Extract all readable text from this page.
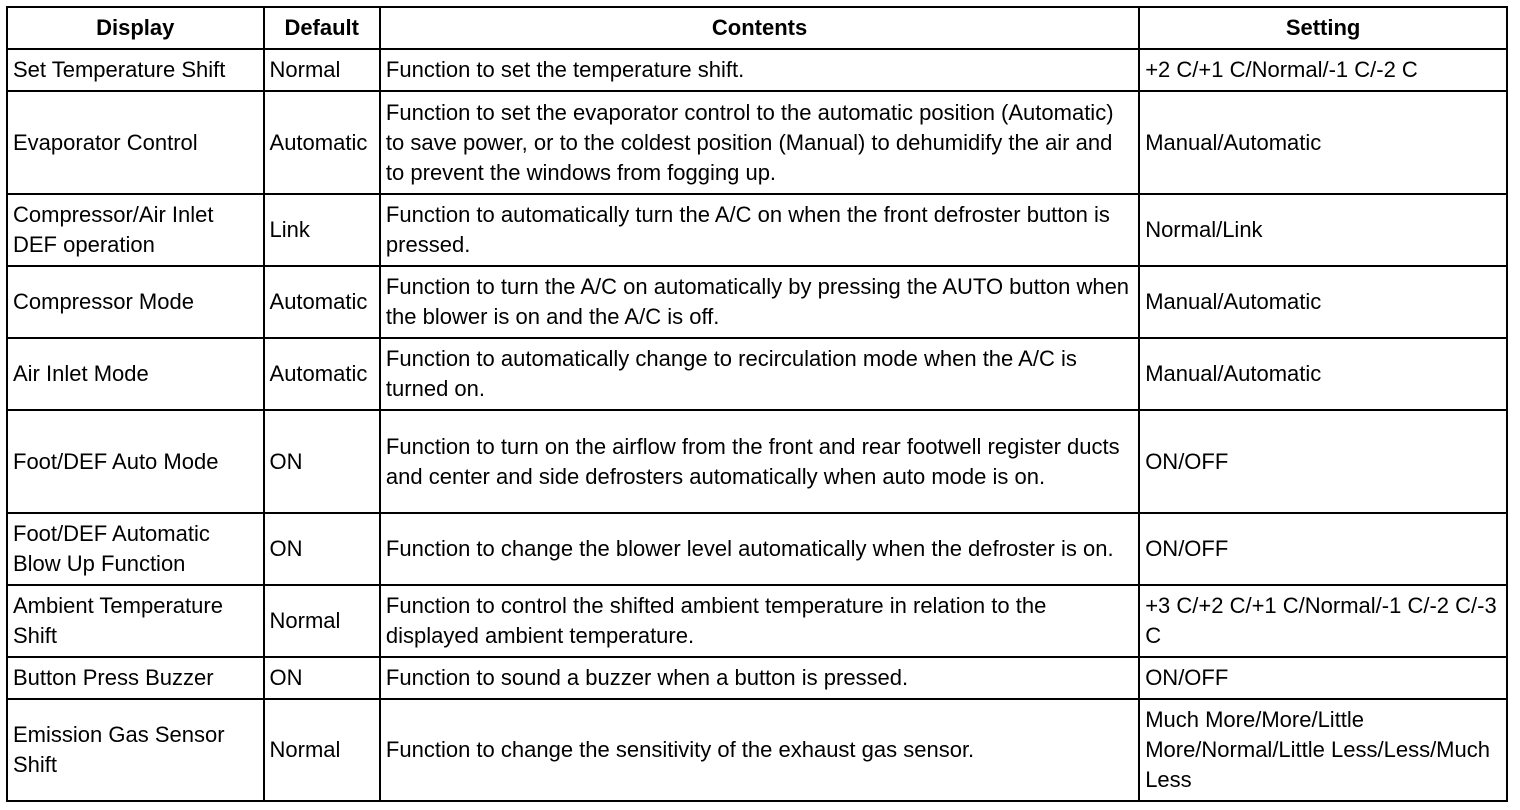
Display	Default	Contents	Setting
Set Temperature Shift	Normal	Function to set the temperature shift.	+2 C/+1 C/Normal/-1 C/-2 C
Evaporator Control	Automatic	Function to set the evaporator control to the automatic position (Automatic) to save power, or to the coldest position (Manual) to dehumidify the air and to prevent the windows from fogging up.	Manual/Automatic
Compressor/Air Inlet DEF operation	Link	Function to automatically turn the A/C on when the front defroster button is pressed.	Normal/Link
Compressor Mode	Automatic	Function to turn the A/C on automatically by pressing the AUTO button when the blower is on and the A/C is off.	Manual/Automatic
Air Inlet Mode	Automatic	Function to automatically change to recirculation mode when the A/C is turned on.	Manual/Automatic
Foot/DEF Auto Mode	ON	Function to turn on the airflow from the front and rear footwell register ducts and center and side defrosters automatically when auto mode is on.	ON/OFF
Foot/DEF Automatic Blow Up Function	ON	Function to change the blower level automatically when the defroster is on.	ON/OFF
Ambient Temperature Shift	Normal	Function to control the shifted ambient temperature in relation to the displayed ambient temperature.	+3 C/+2 C/+1 C/Normal/-1 C/-2 C/-3 C
Button Press Buzzer	ON	Function to sound a buzzer when a button is pressed.	ON/OFF
Emission Gas Sensor Shift	Normal	Function to change the sensitivity of the exhaust gas sensor.	Much More/More/Little More/Normal/Little Less/Less/Much Less
